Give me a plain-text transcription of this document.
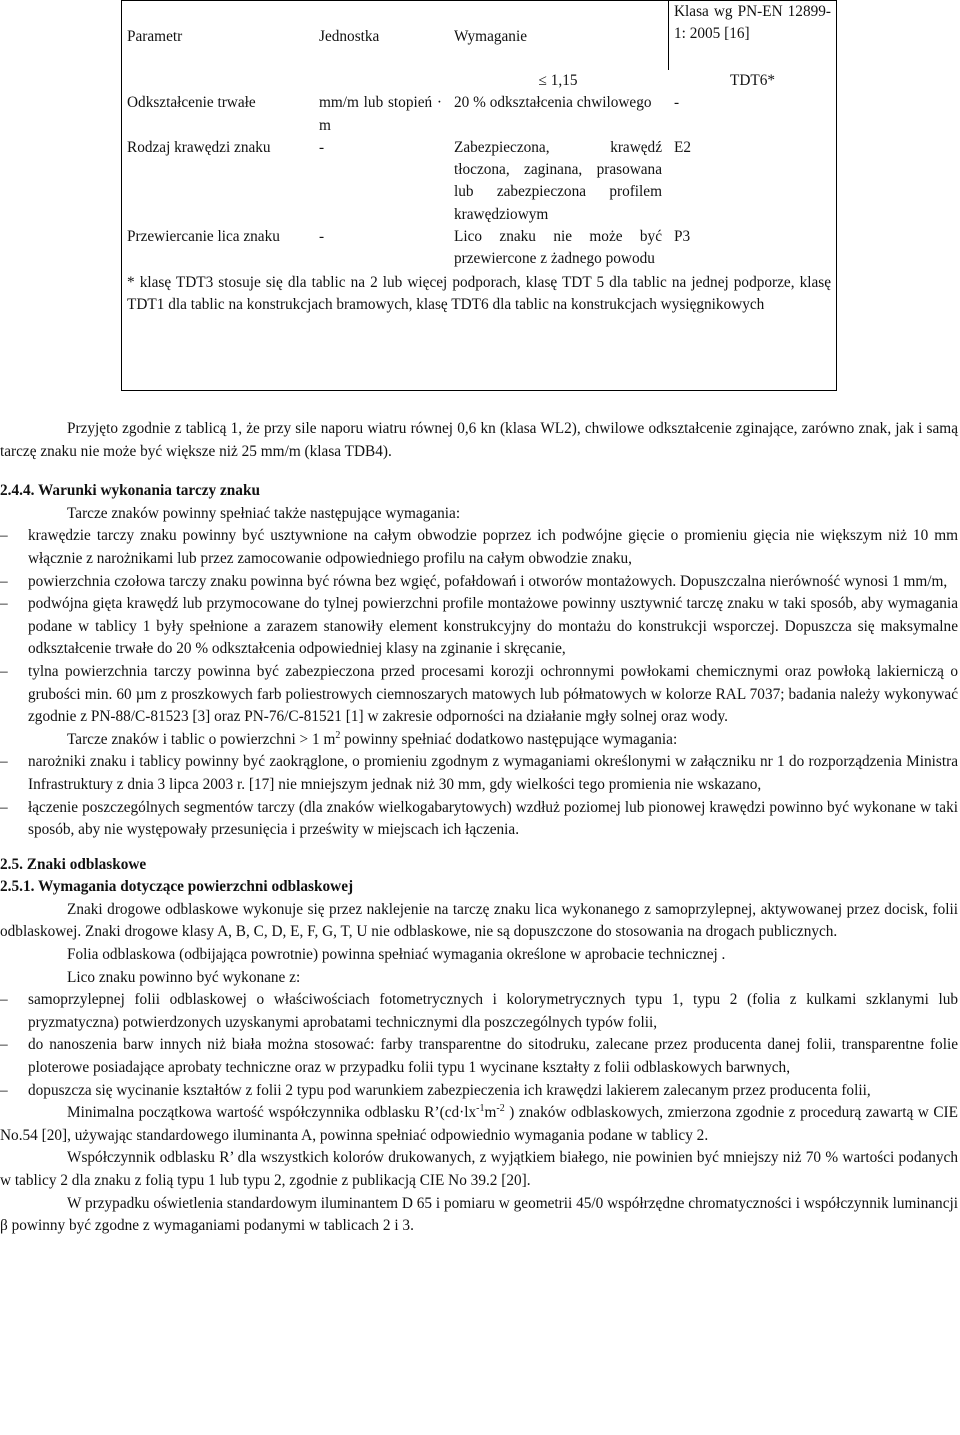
Parametr	Jednostka	Wymaganie	Klasa wg PN-EN 12899-1: 2005 [16]
		≤ 1,15	TDT6*
Odkształcenie trwałe	mm/m lub stopień · m	20 % odkształcenia chwilowego	-
Rodzaj krawędzi znaku	-	Zabezpieczona, krawędź tłoczona, zaginana, prasowana lub zabezpieczona profilem krawędziowym	E2
Przewiercanie lica znaku	-	Lico znaku nie może być przewiercone z żadnego powodu	P3
* klasę TDT3 stosuje się dla tablic na 2 lub więcej podporach, klasę TDT 5 dla tablic na jednej podporze, klasę TDT1 dla tablic na konstrukcjach bramowych, klasę TDT6 dla tablic na konstrukcjach wysięgnikowych			

Przyjęto zgodnie z tablicą 1, że przy sile naporu wiatru równej 0,6 kn (klasa WL2), chwilowe odkształcenie zginające, zarówno znak, jak i samą tarczę znaku nie może być większe niż 25 mm/m (klasa TDB4).

2.4.4. Warunki wykonania tarczy znaku

Tarcze znaków powinny spełniać także następujące wymagania:

– krawędzie tarczy znaku powinny być usztywnione na całym obwodzie poprzez ich podwójne gięcie o promieniu gięcia nie większym niż 10 mm włącznie z narożnikami lub przez zamocowanie odpowiedniego profilu na całym obwodzie znaku,
– powierzchnia czołowa tarczy znaku powinna być równa bez wgięć, pofałdowań i otworów montażowych. Dopuszczalna nierówność wynosi 1 mm/m,
– podwójna gięta krawędź lub przymocowane do tylnej powierzchni profile montażowe powinny usztywnić tarczę znaku w taki sposób, aby wymagania podane w tablicy 1 były spełnione a zarazem stanowiły element konstrukcyjny do montażu do konstrukcji wsporczej. Dopuszcza się maksymalne odkształcenie trwałe do 20 % odkształcenia odpowiedniej klasy na zginanie i skręcanie,
– tylna powierzchnia tarczy powinna być zabezpieczona przed procesami korozji ochronnymi powłokami chemicznymi oraz powłoką lakierniczą o grubości min. 60 µm z proszkowych farb poliestrowych ciemnoszarych matowych lub półmatowych w kolorze RAL 7037; badania należy wykonywać zgodnie z PN-88/C-81523 [3] oraz PN-76/C-81521 [1] w zakresie odporności na działanie mgły solnej oraz wody.

Tarcze znaków i tablic o powierzchni > 1 $m^2$ powinny spełniać dodatkowo następujące wymagania:

– narożniki znaku i tablicy powinny być zaokrąglone, o promieniu zgodnym z wymaganiami określonymi w załączniku nr 1 do rozporządzenia Ministra Infrastruktury z dnia 3 lipca 2003 r. [17] nie mniejszym jednak niż 30 mm, gdy wielkości tego promienia nie wskazano,
– łączenie poszczególnych segmentów tarczy (dla znaków wielkogabarytowych) wzdłuż poziomej lub pionowej krawędzi powinno być wykonane w taki sposób, aby nie występowały przesunięcia i prześwity w miejscach ich łączenia.
2.5. Znaki odblaskowe
2.5.1. Wymagania dotyczące powierzchni odblaskowej

Znaki drogowe odblaskowe wykonuje się przez naklejenie na tarczę znaku lica wykonanego z samoprzylepnej, aktywowanej przez docisk, folii odblaskowej. Znaki drogowe klasy A, B, C, D, E, F, G, T, U nie odblaskowe, nie są dopuszczone do stosowania na drogach publicznych.

Folia odblaskowa (odbijająca powrotnie) powinna spełniać wymagania określone w aprobacie technicznej .

Lico znaku powinno być wykonane z:

– samoprzylepnej folii odblaskowej o właściwościach fotometrycznych i kolorymetrycznych typu 1, typu 2 (folia z kulkami szklanymi lub pryzmatyczna) potwierdzonych uzyskanymi aprobatami technicznymi dla poszczególnych typów folii,
– do nanoszenia barw innych niż biała można stosować: farby transparentne do sitodruku, zalecane przez producenta danej folii, transparentne folie ploterowe posiadające aprobaty techniczne oraz w przypadku folii typu 1 wycinane kształty z folii odblaskowych barwnych,
– dopuszcza się wycinanie kształtów z folii 2 typu pod warunkiem zabezpieczenia ich krawędzi lakierem zalecanym przez producenta folii,

Minimalna początkowa wartość współczynnika odblasku $R’(cd\cdot lx^{-1}m^{-2}$ ) znaków odblaskowych, zmierzona zgodnie z procedurą zawartą w CIE No.54 [20], używając standardowego iluminanta A, powinna spełniać odpowiednio wymagania podane w tablicy 2.

Współczynnik odblasku R’ dla wszystkich kolorów drukowanych, z wyjątkiem białego, nie powinien być mniejszy niż 70 % wartości podanych w tablicy 2 dla znaku z folią typu 1 lub typu 2, zgodnie z publikacją CIE No 39.2 [20].

W przypadku oświetlenia standardowym iluminantem D 65 i pomiaru w geometrii 45/0 współrzędne chromatyczności i współczynnik luminancji β powinny być zgodne z wymaganiami podanymi w tablicach 2 i 3.
